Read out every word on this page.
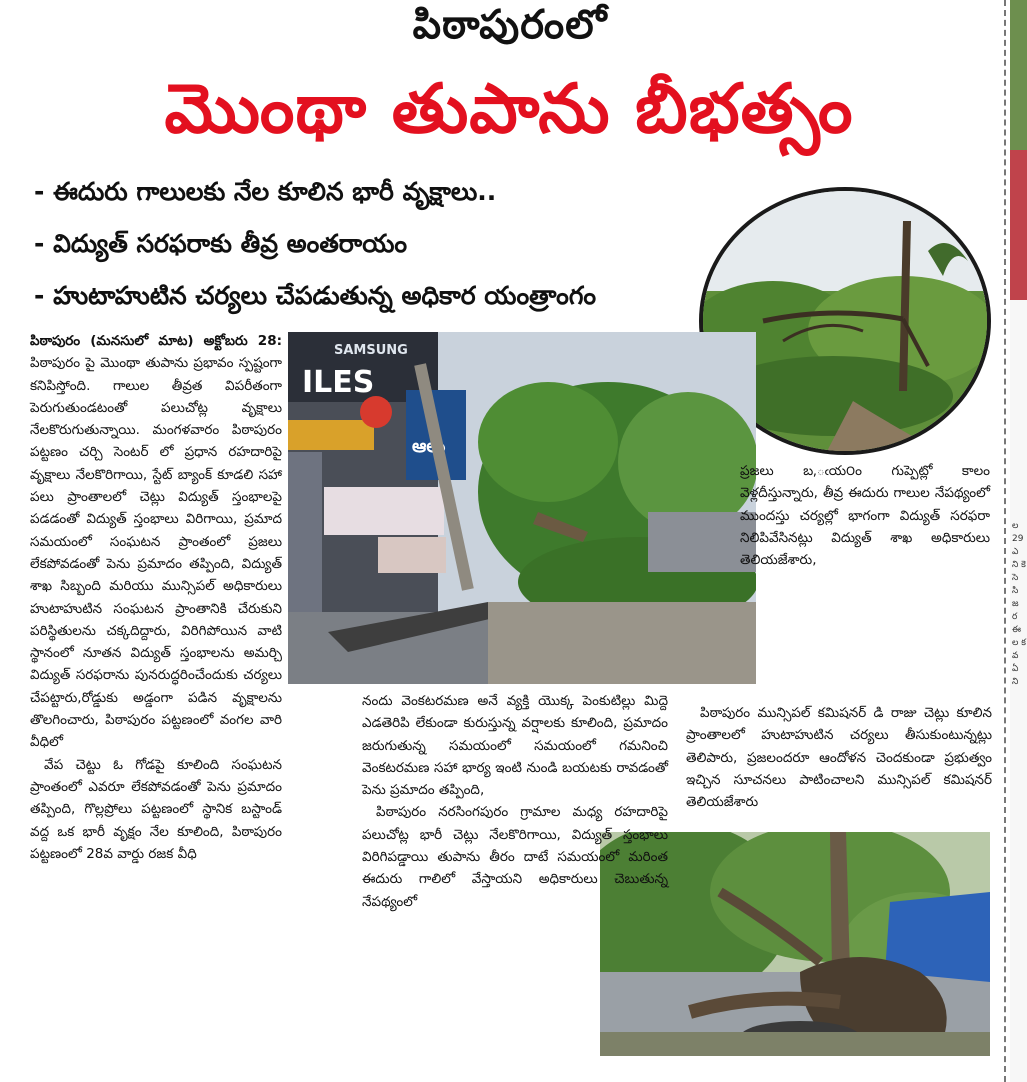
పిఠాపురంలో
మొంథా తుపాను బీభత్సం
- ఈదురు గాలులకు నేల కూలిన భారీ వృక్షాలు..
- విద్యుత్ సరఫరాకు తీవ్ర అంతరాయం
- హుటాహుటిన చర్యలు చేపడుతున్న అధికార యంత్రాంగం
ILES
SAMSUNG
ఆలు

పిఠాపురం (మనసులో మాట) అక్టోబరు 28: పిఠాపురం పై మొంథా తుపాను ప్రభావం స్పష్టంగా కనిపిస్తోంది. గాలుల తీవ్రత విపరీతంగా పెరుగుతుండటంతో పలుచోట్ల వృక్షాలు నేలకొరుగుతున్నాయి. మంగళవారం పిఠాపురం పట్టణం చర్చి సెంటర్ లో ప్రధాన రహదారిపై వృక్షాలు నేలకొరిగాయి, స్టేట్ బ్యాంక్ కూడలి సహా పలు ప్రాంతాలలో చెట్లు విద్యుత్ స్తంభాలపై పడడంతో విద్యుత్ స్తంభాలు విరిగాయి, ప్రమాద సమయంలో సంఘటన ప్రాంతంలో ప్రజలు లేకపోవడంతో పెను ప్రమాదం తప్పింది, విద్యుత్ శాఖ సిబ్బంది మరియు మున్సిపల్ అధికారులు హుటాహుటిన సంఘటన ప్రాంతానికి చేరుకుని పరిస్థితులను చక్కదిద్దారు, విరిగిపోయిన వాటి స్థానంలో నూతన విద్యుత్ స్తంభాలను అమర్చి విద్యుత్ సరఫరాను పునరుద్ధరించేందుకు చర్యలు చేపట్టారు,రోడ్డుకు అడ్డంగా పడిన వృక్షాలను తొలగించారు, పిఠాపురం పట్టణంలో వంగల వారి వీధిలో

వేప చెట్టు ఓ గోడపై కూలింది సంఘటన ప్రాంతంలో ఎవరూ లేకపోవడంతో పెను ప్రమాదం తప్పింది, గొల్లప్రోలు పట్టణంలో స్థానిక బస్టాండ్ వద్ద ఒక భారీ వృక్షం నేల కూలింది, పిఠాపురం పట్టణంలో 28వ వార్డు రజక వీధి

నందు వెంకటరమణ అనే వ్యక్తి యొక్క పెంకుటిల్లు మిద్దె ఎడతెరిపి లేకుండా కురుస్తున్న వర్షాలకు కూలింది, ప్రమాదం జరుగుతున్న సమయంలో సమయంలో గమనించి వెంకటరమణ సహా భార్య ఇంటి నుండి బయటకు రావడంతో పెను ప్రమాదం తప్పింది,

పిఠాపురం నరసింగపురం గ్రామాల మధ్య రహదారిపై పలుచోట్ల భారీ చెట్లు నేలకొరిగాయి, విద్యుత్ స్తంభాలు విరిగిపడ్డాయి తుపాను తీరం దాటే సమయంలో మరింత ఈదురు గాలిలో వేస్తాయని అధికారులు చెబుతున్న నేపథ్యంలో

ప్రజలు బ,ఁయ౦ం గుప్పెట్లో కాలం వెళ్లదీస్తున్నారు, తీవ్ర ఈదురు గాలుల నేపథ్యంలో ముందస్తు చర్యల్లో భాగంగా విద్యుత్ సరఫరా నిలిపివేసినట్లు విద్యుత్ శాఖ అధికారులు తెలియజేశారు,

పిఠాపురం మున్సిపల్ కమిషనర్ డి రాజు చెట్లు కూలిన ప్రాంతాలలో హుటాహుటిన చర్యలు తీసుకుంటున్నట్లు తెలిపారు, ప్రజలందరూ ఆందోళన చెందకుండా ప్రభుత్వం ఇచ్చిన సూచనలు పాటించాలని మున్సిపల్ కమిషనర్ తెలియజేశారు

ల 29 ఎ ని కె సె సి జ ర ఈ ల క వ ఏ ని
